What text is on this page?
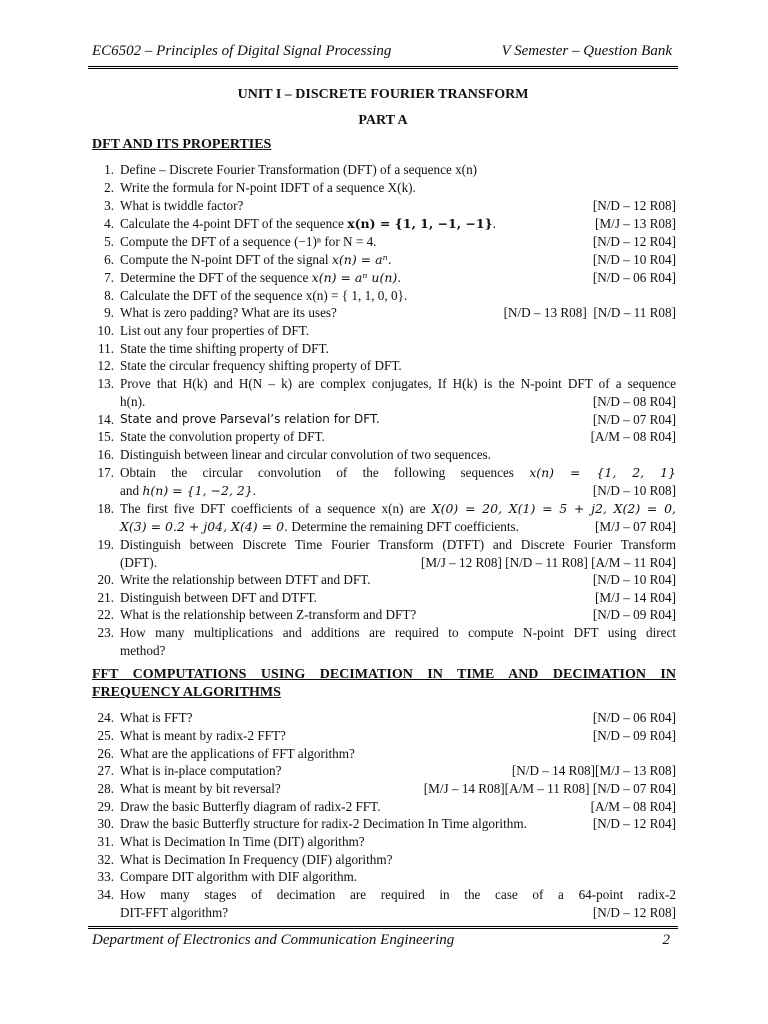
EC6502 – Principles of Digital Signal Processing	V Semester – Question Bank
UNIT I – DISCRETE FOURIER TRANSFORM
PART A
DFT AND ITS PROPERTIES
1. Define – Discrete Fourier Transformation (DFT) of a sequence x(n)
2. Write the formula for N-point IDFT of a sequence X(k).
3. What is twiddle factor?	[N/D – 12 R08]
4. Calculate the 4-point DFT of the sequence x(n) = {1, 1, −1, −1}.	[M/J – 13 R08]
5. Compute the DFT of a sequence (−1)ⁿ for N = 4.	[N/D – 12 R04]
6. Compute the N-point DFT of the signal x(n) = aⁿ.	[N/D – 10 R04]
7. Determine the DFT of the sequence x(n) = aⁿ u(n).	[N/D – 06 R04]
8. Calculate the DFT of the sequence x(n) = { 1, 1, 0, 0}.
9. What is zero padding? What are its uses?	[N/D – 13 R08]  [N/D – 11 R08]
10. List out any four properties of DFT.
11. State the time shifting property of DFT.
12. State the circular frequency shifting property of DFT.
13. Prove that H(k) and H(N – k) are complex conjugates, If H(k) is the N-point DFT of a sequence
h(n).	[N/D – 08 R04]
14. State and prove Parseval’s relation for DFT.	[N/D – 07 R04]
15. State the convolution property of DFT.	[A/M – 08 R04]
16. Distinguish between linear and circular convolution of two sequences.
17. Obtain the circular convolution of the following sequences x(n) = {1, 2, 1}
and h(n) = {1, −2, 2}.	[N/D – 10 R08]
18. The first five DFT coefficients of a sequence x(n) are X(0) = 20, X(1) = 5 + j2, X(2) = 0,
X(3) = 0.2 + j04, X(4) = 0. Determine the remaining DFT coefficients.	[M/J – 07 R04]
19. Distinguish between Discrete Time Fourier Transform (DTFT) and Discrete Fourier Transform
(DFT).	[M/J – 12 R08] [N/D – 11 R08] [A/M – 11 R04]
20. Write the relationship between DTFT and DFT.	[N/D – 10 R04]
21. Distinguish between DFT and DTFT.	[M/J – 14 R04]
22. What is the relationship between Z-transform and DFT?	[N/D – 09 R04]
23. How many multiplications and additions are required to compute N-point DFT using direct
method?
FFT COMPUTATIONS USING DECIMATION IN TIME AND DECIMATION IN
FREQUENCY ALGORITHMS
24. What is FFT?	[N/D – 06 R04]
25. What is meant by radix-2 FFT?	[N/D – 09 R04]
26. What are the applications of FFT algorithm?
27. What is in-place computation?	[N/D – 14 R08][M/J – 13 R08]
28. What is meant by bit reversal?	[M/J – 14 R08][A/M – 11 R08] [N/D – 07 R04]
29. Draw the basic Butterfly diagram of radix-2 FFT.	[A/M – 08 R04]
30. Draw the basic Butterfly structure for radix-2 Decimation In Time algorithm.	[N/D – 12 R04]
31. What is Decimation In Time (DIT) algorithm?
32. What is Decimation In Frequency (DIF) algorithm?
33. Compare DIT algorithm with DIF algorithm.
34. How many stages of decimation are required in the case of a 64-point radix-2
DIT-FFT algorithm?	[N/D – 12 R08]
Department of Electronics and Communication Engineering	2
